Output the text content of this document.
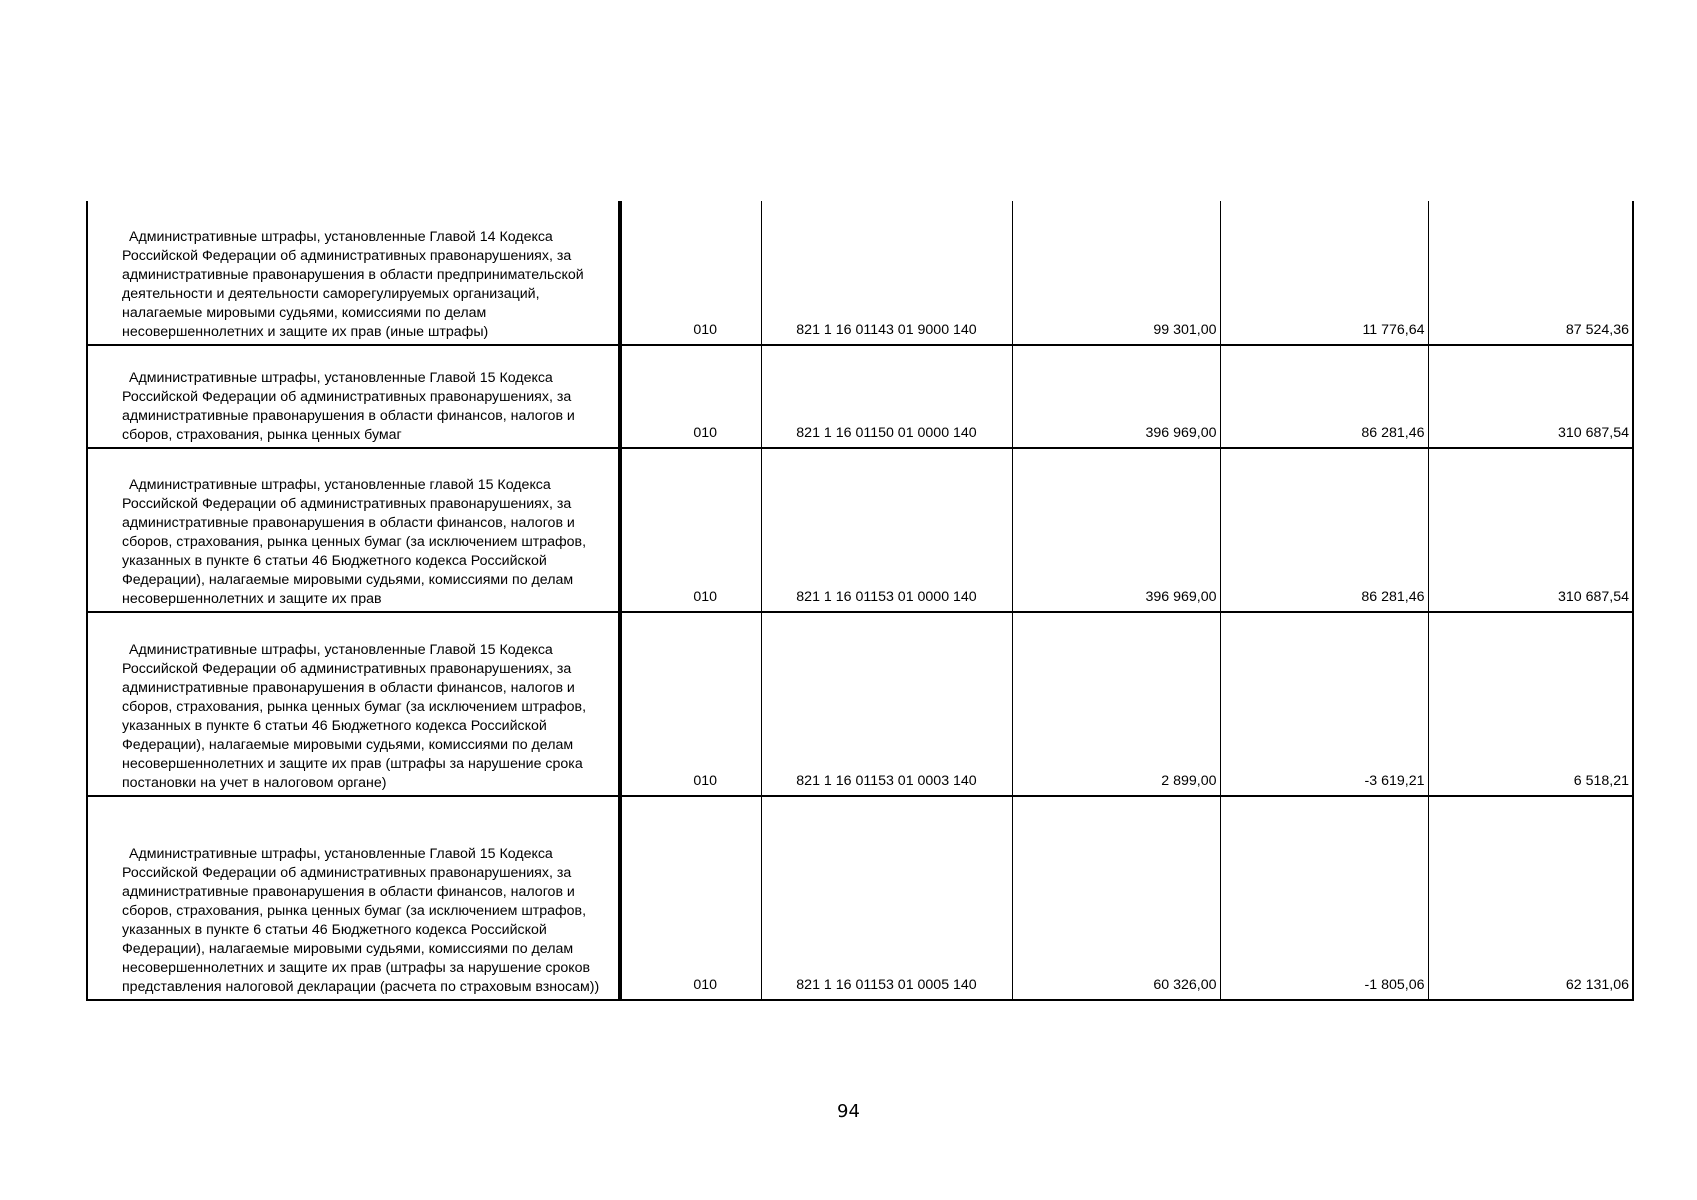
Административные штрафы, установленные Главой 14 Кодекса Российской Федерации об административных правонарушениях, за административные правонарушения в области предпринимательской деятельности и деятельности саморегулируемых организаций, налагаемые мировыми судьями, комиссиями по делам несовершеннолетних и защите их прав (иные штрафы)	010	821 1 16 01143 01 9000 140	99 301,00	11 776,64	87 524,36
Административные штрафы, установленные Главой 15 Кодекса Российской Федерации об административных правонарушениях, за административные правонарушения в области финансов, налогов и сборов, страхования, рынка ценных бумаг	010	821 1 16 01150 01 0000 140	396 969,00	86 281,46	310 687,54
Административные штрафы, установленные главой 15 Кодекса Российской Федерации об административных правонарушениях, за административные правонарушения в области финансов, налогов и сборов, страхования, рынка ценных бумаг (за исключением штрафов, указанных в пункте 6 статьи 46 Бюджетного кодекса Российской Федерации), налагаемые мировыми судьями, комиссиями по делам несовершеннолетних и защите их прав	010	821 1 16 01153 01 0000 140	396 969,00	86 281,46	310 687,54
Административные штрафы, установленные Главой 15 Кодекса Российской Федерации об административных правонарушениях, за административные правонарушения в области финансов, налогов и сборов, страхования, рынка ценных бумаг (за исключением штрафов, указанных в пункте 6 статьи 46 Бюджетного кодекса Российской Федерации), налагаемые мировыми судьями, комиссиями по делам несовершеннолетних и защите их прав (штрафы за нарушение срока постановки на учет в налоговом органе)	010	821 1 16 01153 01 0003 140	2 899,00	-3 619,21	6 518,21
Административные штрафы, установленные Главой 15 Кодекса Российской Федерации об административных правонарушениях, за административные правонарушения в области финансов, налогов и сборов, страхования, рынка ценных бумаг (за исключением штрафов, указанных в пункте 6 статьи 46 Бюджетного кодекса Российской Федерации), налагаемые мировыми судьями, комиссиями по делам несовершеннолетних и защите их прав (штрафы за нарушение сроков представления налоговой декларации (расчета по страховым взносам))	010	821 1 16 01153 01 0005 140	60 326,00	-1 805,06	62 131,06
94
